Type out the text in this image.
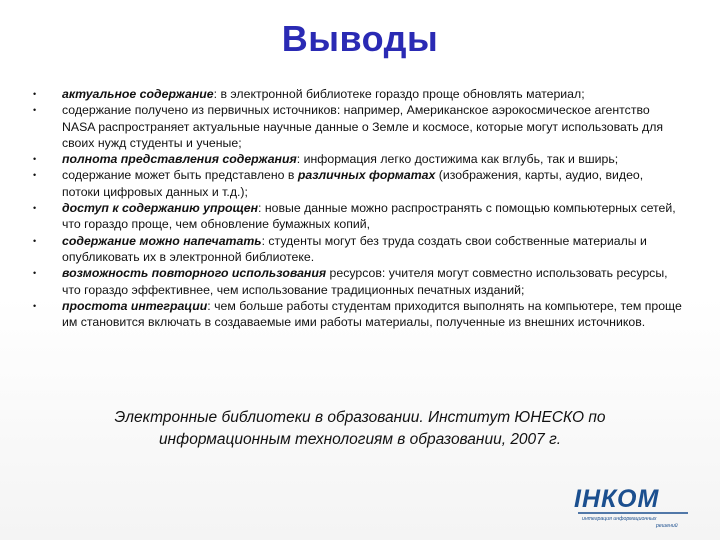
Выводы
• актуальное содержание: в электронной библиотеке гораздо проще обновлять материал;
• содержание получено из первичных источников: например, Американское аэрокосмическое агентство NASA распространяет актуальные научные данные о Земле и космосе, которые могут использовать для своих нужд студенты и ученые;
• полнота представления содержания: информация легко достижима как вглубь, так и вширь;
• содержание может быть представлено в различных форматах (изображения, карты, аудио, видео, потоки цифровых данных и т.д.);
• доступ к содержанию упрощен: новые данные можно распространять с помощью компьютерных сетей, что гораздо проще, чем обновление бумажных копий,
• содержание можно напечатать: студенты могут без труда создать свои собственные материалы и опубликовать их в электронной библиотеке.
• возможность повторного использования ресурсов: учителя могут совместно использовать ресурсы, что гораздо эффективнее, чем использование традиционных печатных изданий;
• простота интеграции: чем больше работы студентам приходится выполнять на компьютере, тем проще им становится включать в создаваемые ими работы материалы, полученные из внешних источников.
Электронные библиотеки в образовании. Институт ЮНЕСКО по
информационным технологиям в образовании, 2007 г.
ІНКОМ
интеграция информационных
решений
